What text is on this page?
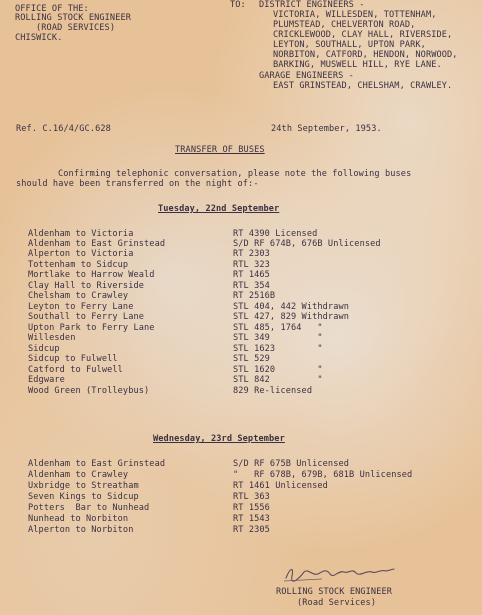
OFFICE OF THE:
ROLLING STOCK ENGINEER
(ROAD SERVICES)
CHISWICK.
TO: DISTRICT ENGINEERS -
VICTORIA, WILLESDEN, TOTTENHAM,
PLUMSTEAD, CHELVERTON ROAD,
CRICKLEWOOD, CLAY HALL, RIVERSIDE,
LEYTON, SOUTHALL, UPTON PARK,
NORBITON, CATFORD, HENDON, NORWOOD,
BARKING, MUSWELL HILL, RYE LANE.
GARAGE ENGINEERS -
EAST GRINSTEAD, CHELSHAM, CRAWLEY.
Ref. C.16/4/GC.628	24th September, 1953.
TRANSFER OF BUSES
Confirming telephonic conversation, please note the following buses
should have been transferred on the night of:-
Tuesday, 22nd September
Aldenham to Victoria	RT 4390 Licensed
Aldenham to East Grinstead	S/D RF 674B, 676B Unlicensed
Alperton to Victoria	RT 2303
Tottenham to Sidcup	RTL 323
Mortlake to Harrow Weald	RT 1465
Clay Hall to Riverside	RTL 354
Chelsham to Crawley	RT 2516B
Leyton to Ferry Lane	STL 404, 442 Withdrawn
Southall to Ferry Lane	STL 427, 829 Withdrawn
Upton Park to Ferry Lane	STL 485, 1764   "
Willesden	STL 349         "
Sidcup	STL 1623        "
Sidcup to Fulwell	STL 529
Catford to Fulwell	STL 1620        "
Edgware	STL 842         "
Wood Green (Trolleybus)	829 Re-licensed
Wednesday, 23rd September
Aldenham to East Grinstead	S/D RF 675B Unlicensed
Aldenham to Crawley	"   RF 678B, 679B, 681B Unlicensed
Uxbridge to Streatham	RT 1461 Unlicensed
Seven Kings to Sidcup	RTL 363
Potters  Bar to Nunhead	RT 1556
Nunhead to Norbiton	RT 1543
Alperton to Norbiton	RT 2305
ROLLING STOCK ENGINEER
(Road Services)
